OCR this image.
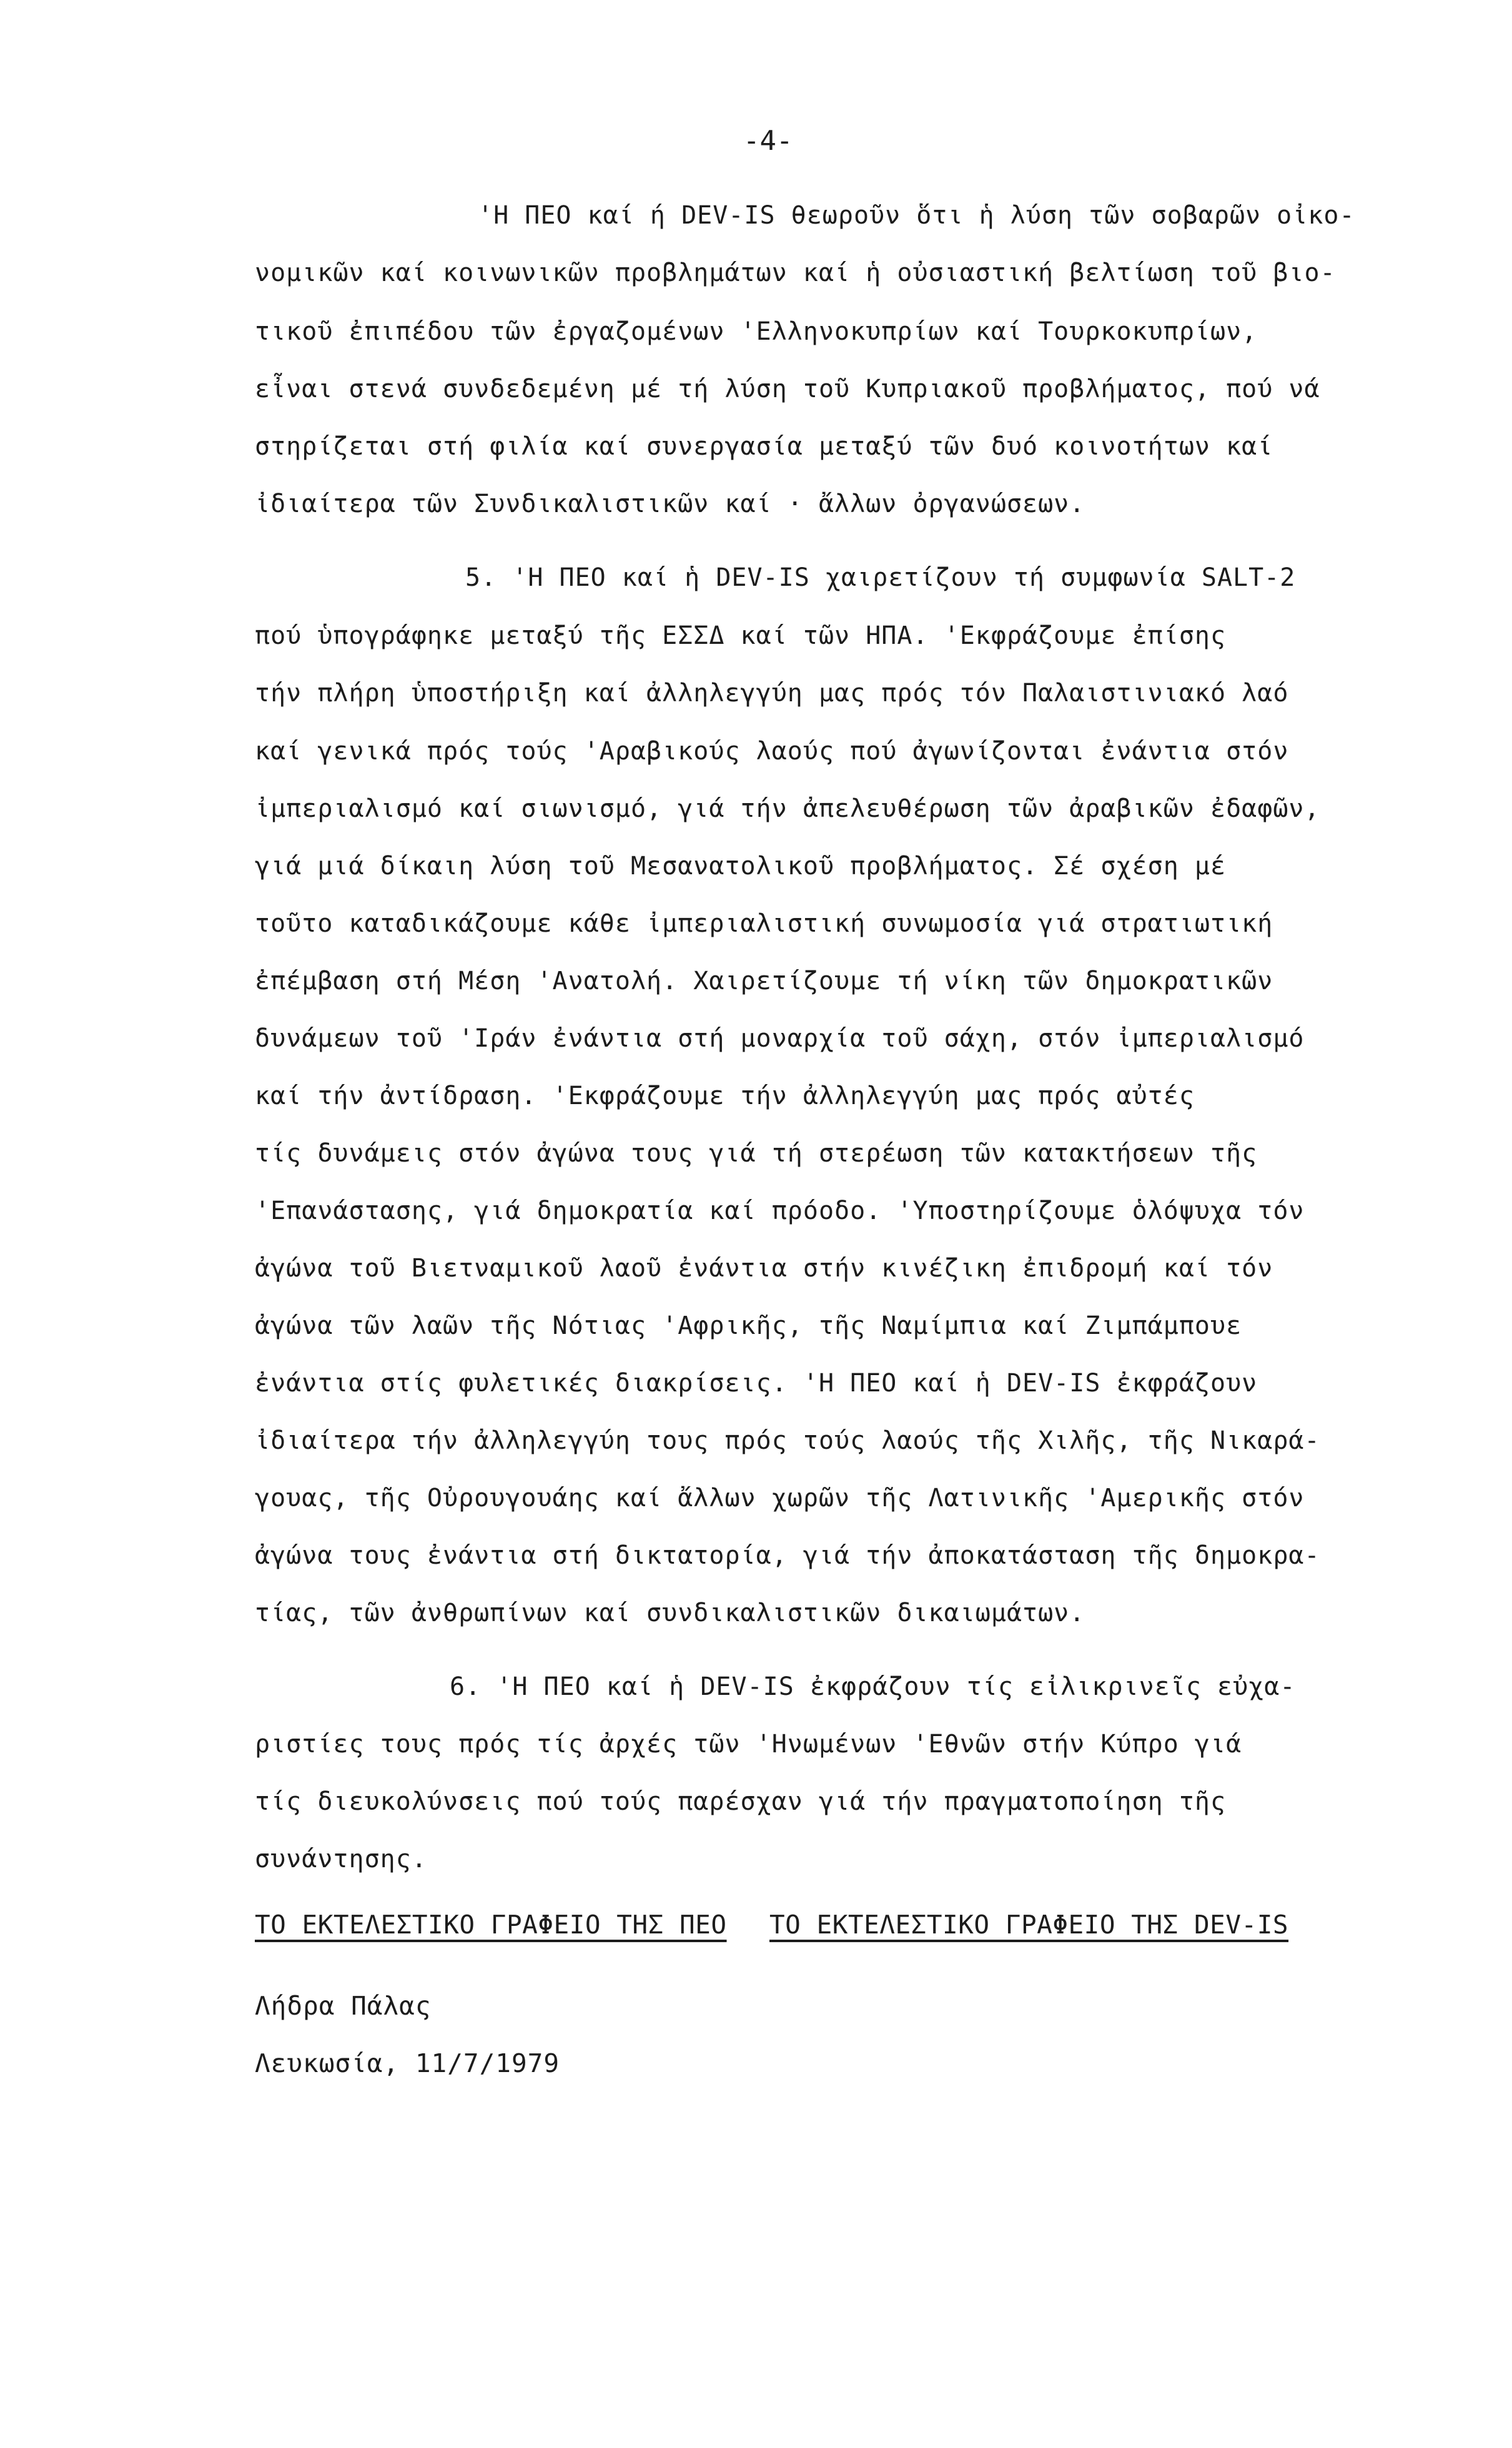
-4-
'Η ΠΕΟ καί ή DEV-IS θεωροῦν ὅτι ἡ λύση τῶν σοβαρῶν οἰκο-
νομικῶν καί κοινωνικῶν προβλημάτων καί ἡ οὐσιαστική βελτίωση τοῦ βιο-
τικοῦ ἐπιπέδου τῶν ἐργαζομένων 'Ελληνοκυπρίων καί Τουρκοκυπρίων,
εἶναι στενά συνδεδεμένη μέ τή λύση τοῦ Κυπριακοῦ προβλήματος, πού νά
στηρίζεται στή φιλία καί συνεργασία μεταξύ τῶν δυό κοινοτήτων καί
ἰδιαίτερα τῶν Συνδικαλιστικῶν καί · ἄλλων ὀργανώσεων.
5. 'Η ΠΕΟ καί ἡ DEV-IS χαιρετίζουν τή συμφωνία SALT-2
πού ὑπογράφηκε μεταξύ τῆς ΕΣΣΔ καί τῶν ΗΠΑ. 'Εκφράζουμε ἐπίσης
τήν πλήρη ὑποστήριξη καί ἀλληλεγγύη μας πρός τόν Παλαιστινιακό λαό
καί γενικά πρός τούς 'Αραβικούς λαούς πού ἀγωνίζονται ἐνάντια στόν
ἰμπεριαλισμό καί σιωνισμό, γιά τήν ἀπελευθέρωση τῶν ἀραβικῶν ἐδαφῶν,
γιά μιά δίκαιη λύση τοῦ Μεσανατολικοῦ προβλήματος. Σέ σχέση μέ
τοῦτο καταδικάζουμε κάθε ἰμπεριαλιστική συνωμοσία γιά στρατιωτική
ἐπέμβαση στή Μέση 'Ανατολή. Χαιρετίζουμε τή νίκη τῶν δημοκρατικῶν
δυνάμεων τοῦ 'Ιράν ἐνάντια στή μοναρχία τοῦ σάχη, στόν ἰμπεριαλισμό
καί τήν ἀντίδραση. 'Εκφράζουμε τήν ἀλληλεγγύη μας πρός αὐτές
τίς δυνάμεις στόν ἀγώνα τους γιά τή στερέωση τῶν κατακτήσεων τῆς
'Επανάστασης, γιά δημοκρατία καί πρόοδο. 'Υποστηρίζουμε ὁλόψυχα τόν
ἀγώνα τοῦ Βιετναμικοῦ λαοῦ ἐνάντια στήν κινέζικη ἐπιδρομή καί τόν
ἀγώνα τῶν λαῶν τῆς Νότιας 'Αφρικῆς, τῆς Ναμίμπια καί Ζιμπάμπουε
ἐνάντια στίς φυλετικές διακρίσεις. 'Η ΠΕΟ καί ἡ DEV-IS ἐκφράζουν
ἰδιαίτερα τήν ἀλληλεγγύη τους πρός τούς λαούς τῆς Χιλῆς, τῆς Νικαρά-
γουας, τῆς Οὐρουγουάης καί ἄλλων χωρῶν τῆς Λατινικῆς 'Αμερικῆς στόν
ἀγώνα τους ἐνάντια στή δικτατορία, γιά τήν ἀποκατάσταση τῆς δημοκρα-
τίας, τῶν ἀνθρωπίνων καί συνδικαλιστικῶν δικαιωμάτων.
6. 'Η ΠΕΟ καί ἡ DEV-IS ἐκφράζουν τίς εἰλικρινεῖς εὐχα-
ριστίες τους πρός τίς ἀρχές τῶν 'Ηνωμένων 'Εθνῶν στήν Κύπρο γιά
τίς διευκολύνσεις πού τούς παρέσχαν γιά τήν πραγματοποίηση τῆς
συνάντησης.
ΤΟ ΕΚΤΕΛΕΣΤΙΚΟ ΓΡΑΦΕΙΟ ΤΗΣ ΠΕΟ ΤΟ ΕΚΤΕΛΕΣΤΙΚΟ ΓΡΑΦΕΙΟ ΤΗΣ DEV-IS
Λήδρα Πάλας
Λευκωσία, 11/7/1979
